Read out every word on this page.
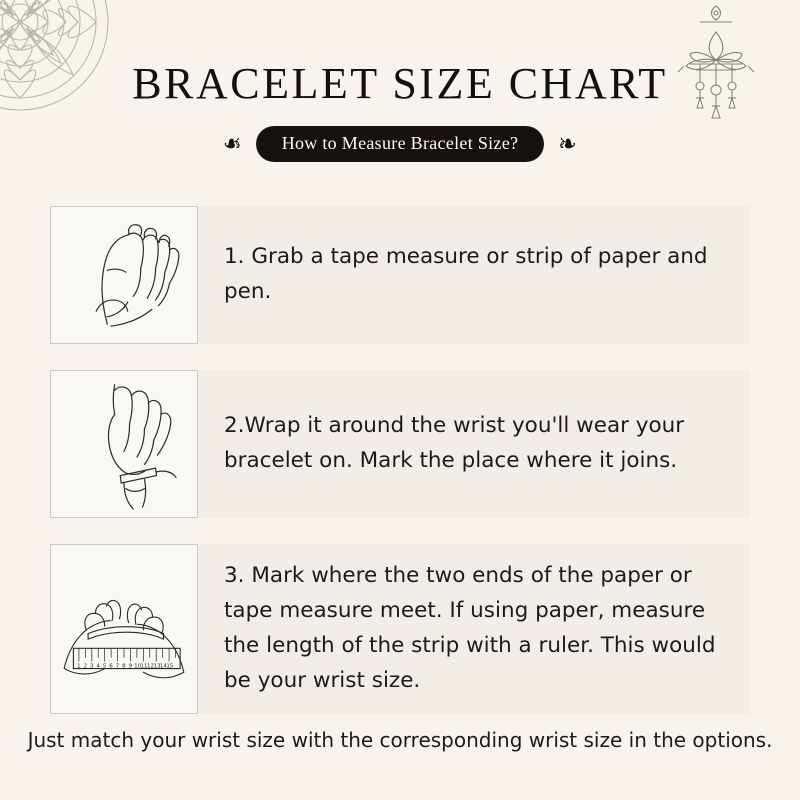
BRACELET SIZE CHART
❧	How to Measure Bracelet Size?	❧
1. Grab a tape measure or strip of paper and pen.
2.Wrap it around the wrist you'll wear your bracelet on. Mark the place where it joins.
1 2 3 4 5 6 7 8 9 10 11 12 13 14 15
3. Mark where the two ends of the paper or tape measure meet. If using paper, measure the length of the strip with a ruler. This would be your wrist size.
Just match your wrist size with the corresponding wrist size in the options.
